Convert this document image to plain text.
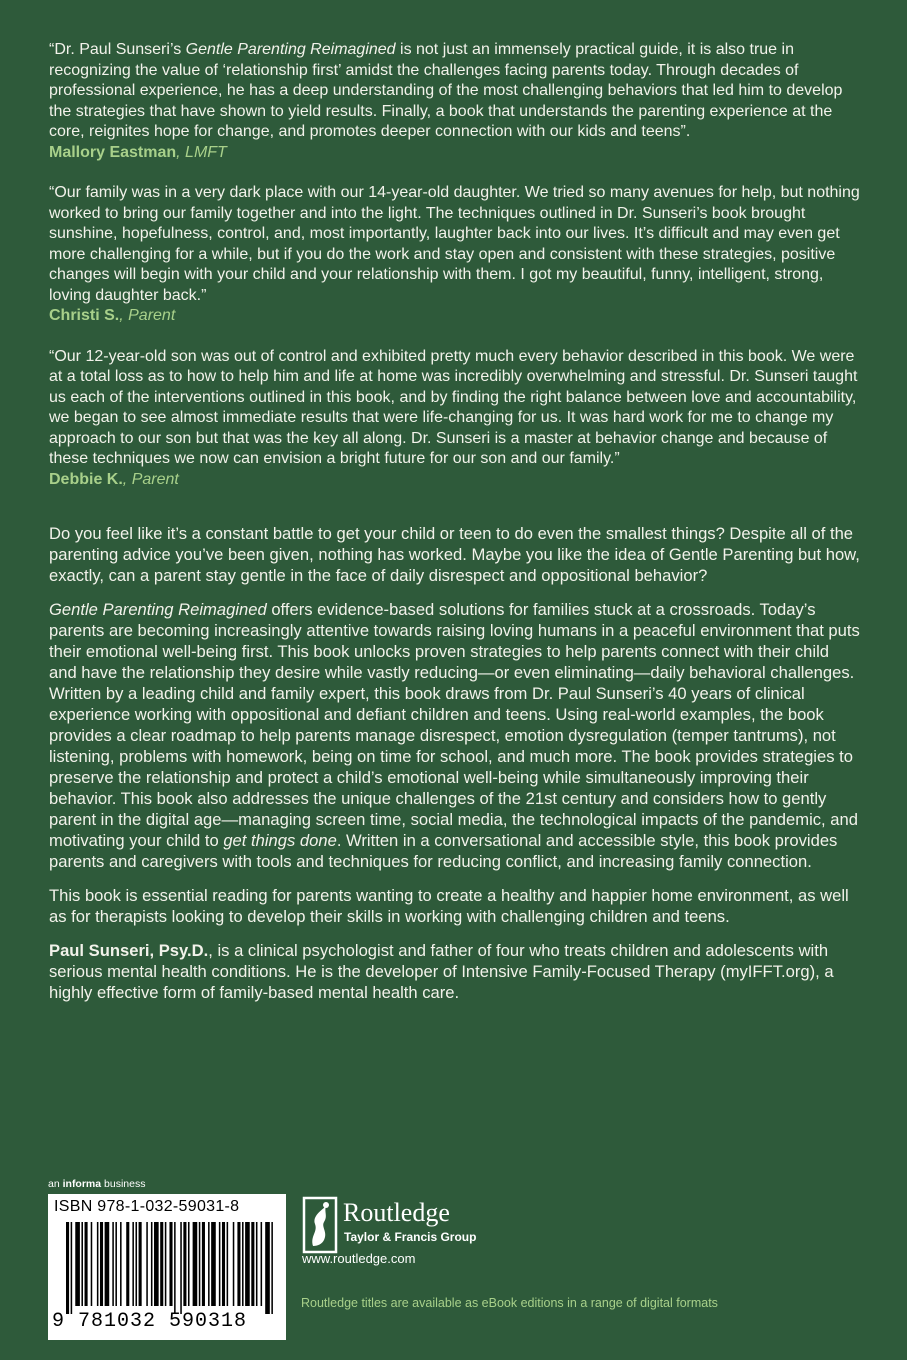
“Dr. Paul Sunseri’s Gentle Parenting Reimagined is not just an immensely practical guide, it is also true in recognizing the value of ‘relationship first’ amidst the challenges facing parents today. Through decades of professional experience, he has a deep understanding of the most challenging behaviors that led him to develop the strategies that have shown to yield results. Finally, a book that understands the parenting experience at the core, reignites hope for change, and promotes deeper connection with our kids and teens”.

Mallory Eastman, LMFT

“Our family was in a very dark place with our 14-year-old daughter. We tried so many avenues for help, but nothing worked to bring our family together and into the light. The techniques outlined in Dr. Sunseri’s book brought sunshine, hopefulness, control, and, most importantly, laughter back into our lives. It’s difficult and may even get more challenging for a while, but if you do the work and stay open and consistent with these strategies, positive changes will begin with your child and your relationship with them. I got my beautiful, funny, intelligent, strong, loving daughter back.”

Christi S., Parent

“Our 12-year-old son was out of control and exhibited pretty much every behavior described in this book. We were at a total loss as to how to help him and life at home was incredibly overwhelming and stressful. Dr. Sunseri taught us each of the interventions outlined in this book, and by finding the right balance between love and accountability, we began to see almost immediate results that were life-changing for us. It was hard work for me to change my approach to our son but that was the key all along. Dr. Sunseri is a master at behavior change and because of these techniques we now can envision a bright future for our son and our family.”

Debbie K., Parent

Do you feel like it’s a constant battle to get your child or teen to do even the smallest things? Despite all of the parenting advice you’ve been given, nothing has worked. Maybe you like the idea of Gentle Parenting but how, exactly, can a parent stay gentle in the face of daily disrespect and oppositional behavior?

Gentle Parenting Reimagined offers evidence-based solutions for families stuck at a crossroads. Today’s parents are becoming increasingly attentive towards raising loving humans in a peaceful environment that puts their emotional well-being first. This book unlocks proven strategies to help parents connect with their child and have the relationship they desire while vastly reducing—or even eliminating—daily behavioral challenges. Written by a leading child and family expert, this book draws from Dr. Paul Sunseri’s 40 years of clinical experience working with oppositional and defiant children and teens. Using real-world examples, the book provides a clear roadmap to help parents manage disrespect, emotion dysregulation (temper tantrums), not listening, problems with homework, being on time for school, and much more. The book provides strategies to preserve the relationship and protect a child’s emotional well-being while simultaneously improving their behavior. This book also addresses the unique challenges of the 21st century and considers how to gently parent in the digital age—managing screen time, social media, the technological impacts of the pandemic, and motivating your child to get things done. Written in a conversational and accessible style, this book provides parents and caregivers with tools and techniques for reducing conflict, and increasing family connection.

This book is essential reading for parents wanting to create a healthy and happier home environment, as well as for therapists looking to develop their skills in working with challenging children and teens.

Paul Sunseri, Psy.D., is a clinical psychologist and father of four who treats children and adolescents with serious mental health conditions. He is the developer of Intensive Family-Focused Therapy (myIFFT.org), a highly effective form of family-based mental health care.

an informa business
ISBN 978-1-032-59031-8
9 781032 590318
Routledge
Taylor & Francis Group
www.routledge.com
Routledge titles are available as eBook editions in a range of digital formats
